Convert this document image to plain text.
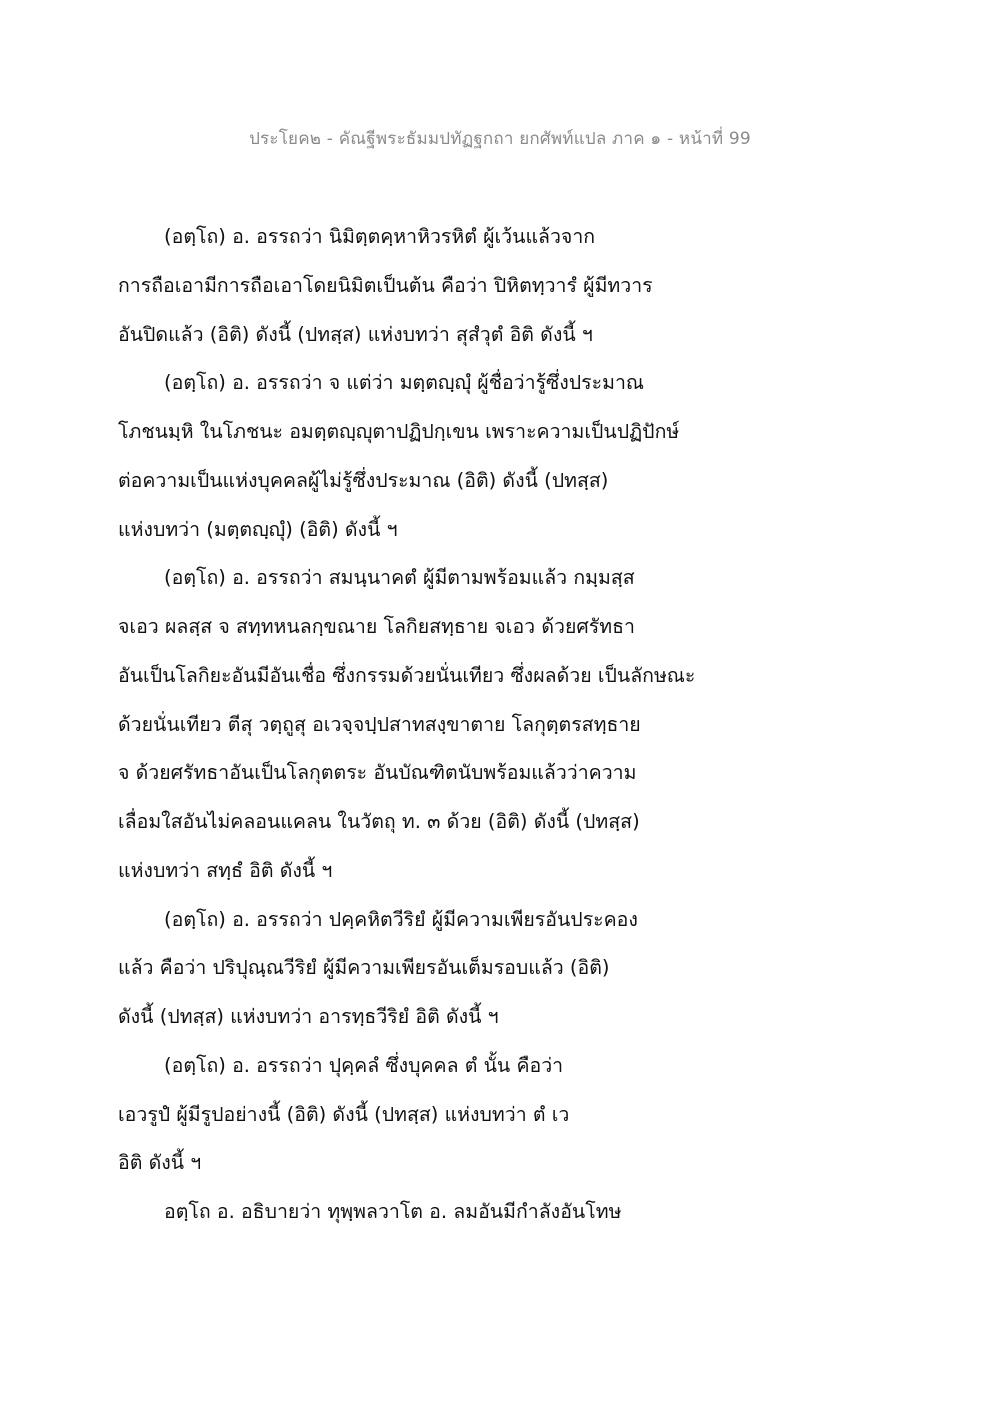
ประโยค๒ - คัณฐีพระธัมมปทัฏฐกถา ยกศัพท์แปล ภาค ๑ - หน้าที่ 99
(อตฺโถ) อ. อรรถว่า นิมิตฺตคฺหาหิวรหิตํ ผู้เว้นแล้วจาก
การถือเอามีการถือเอาโดยนิมิตเป็นต้น คือว่า ปิหิตทฺวารํ ผู้มีทวาร
อันปิดแล้ว (อิติ) ดังนี้ (ปทสฺส) แห่งบทว่า สุสํวุตํ อิติ ดังนี้ ฯ
(อตฺโถ) อ. อรรถว่า จ แต่ว่า มตฺตญฺญุํ ผู้ชื่อว่ารู้ซึ่งประมาณ
โภชนมฺหิ ในโภชนะ อมตฺตญฺญุตาปฏิปกฺเขน เพราะความเป็นปฏิปักษ์
ต่อความเป็นแห่งบุคคลผู้ไม่รู้ซึ่งประมาณ (อิติ) ดังนี้ (ปทสฺส)
แห่งบทว่า (มตฺตญฺญุํ) (อิติ) ดังนี้ ฯ
(อตฺโถ) อ. อรรถว่า สมนฺนาคตํ ผู้มีตามพร้อมแล้ว กมฺมสฺส
จเอว ผลสฺส จ สทฺทหนลกฺขณาย โลกิยสทฺธาย จเอว ด้วยศรัทธา
อันเป็นโลกิยะอันมีอันเชื่อ ซึ่งกรรมด้วยนั่นเทียว ซึ่งผลด้วย เป็นลักษณะ
ด้วยนั่นเทียว ตีสุ วตฺถูสุ อเวจฺจปฺปสาทสงฺขาตาย โลกุตฺตรสทฺธาย
จ ด้วยศรัทธาอันเป็นโลกุตตระ อันบัณฑิตนับพร้อมแล้วว่าความ
เลื่อมใสอันไม่คลอนแคลน ในวัตถุ ท. ๓ ด้วย (อิติ) ดังนี้ (ปทสฺส)
แห่งบทว่า สทฺธํ อิติ ดังนี้ ฯ
(อตฺโถ) อ. อรรถว่า ปคฺคหิตวีริยํ ผู้มีความเพียรอันประคอง
แล้ว คือว่า ปริปุณฺณวีริยํ ผู้มีความเพียรอันเต็มรอบแล้ว (อิติ)
ดังนี้ (ปทสฺส) แห่งบทว่า อารทฺธวีริยํ อิติ ดังนี้ ฯ
(อตฺโถ) อ. อรรถว่า ปุคฺคลํ ซึ่งบุคคล ตํ นั้น คือว่า
เอวรูปํ ผู้มีรูปอย่างนี้ (อิติ) ดังนี้ (ปทสฺส) แห่งบทว่า ตํ เว
อิติ ดังนี้ ฯ
อตฺโถ อ. อธิบายว่า ทุพฺพลวาโต อ. ลมอันมีกำลังอันโทษ
